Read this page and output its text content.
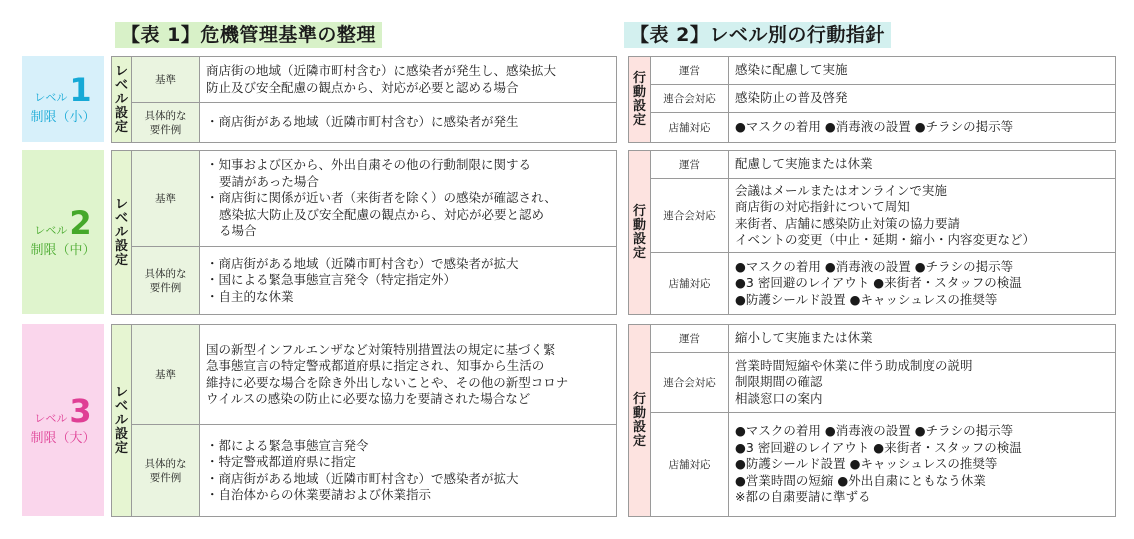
【表 1】危機管理基準の整理	【表 2】レベル別の行動指針
レベル 1
制限（小）
レベル 2
制限（中）
レベル 3
制限（大）
レ
ベ
ル
設
定	基準	商店街の地域（近隣市町村含む）に感染者が発生し、感染拡大
防止及び安全配慮の観点から、対応が必要と認める場合

	具体的な
要件例	・商店街がある地域（近隣市町村含む）に感染者が発生
レ
ベ
ル
設
定	基準	・知事および区から、外出自粛その他の行動制限に関する
要請があった場合
・商店街に関係が近い者（来街者を除く）の感染が確認され、
感染拡大防止及び安全配慮の観点から、対応が必要と認め
る場合

	具体的な
要件例	・商店街がある地域（近隣市町村含む）で感染者が拡大
・国による緊急事態宣言発令（特定指定外）
・自主的な休業
レ
ベ
ル
設
定	基準	国の新型インフルエンザなど対策特別措置法の規定に基づく緊
急事態宣言の特定警戒都道府県に指定され、知事から生活の
維持に必要な場合を除き外出しないことや、その他の新型コロナ
ウイルスの感染の防止に必要な協力を要請された場合など

	具体的な
要件例	・都による緊急事態宣言発令
・特定警戒都道府県に指定
・商店街がある地域（近隣市町村含む）で感染者が拡大
・自治体からの休業要請および休業指示
行
動
設
定	運営	感染に配慮して実施

	連合会対応	感染防止の普及啓発

	店舗対応	●マスクの着用 ●消毒液の設置 ●チラシの掲示等
行
動
設
定	運営	配慮して実施または休業

	連合会対応	会議はメールまたはオンラインで実施
商店街の対応指針について周知
来街者、店舗に感染防止対策の協力要請
イベントの変更（中止・延期・縮小・内容変更など）

	店舗対応	●マスクの着用 ●消毒液の設置 ●チラシの掲示等
●3 密回避のレイアウト ●来街者・スタッフの検温
●防護シールド設置 ●キャッシュレスの推奨等
行
動
設
定	運営	縮小して実施または休業

	連合会対応	営業時間短縮や休業に伴う助成制度の説明
制限期間の確認
相談窓口の案内

	店舗対応	●マスクの着用 ●消毒液の設置 ●チラシの掲示等
●3 密回避のレイアウト ●来街者・スタッフの検温
●防護シールド設置 ●キャッシュレスの推奨等
●営業時間の短縮 ●外出自粛にともなう休業
※都の自粛要請に準ずる
